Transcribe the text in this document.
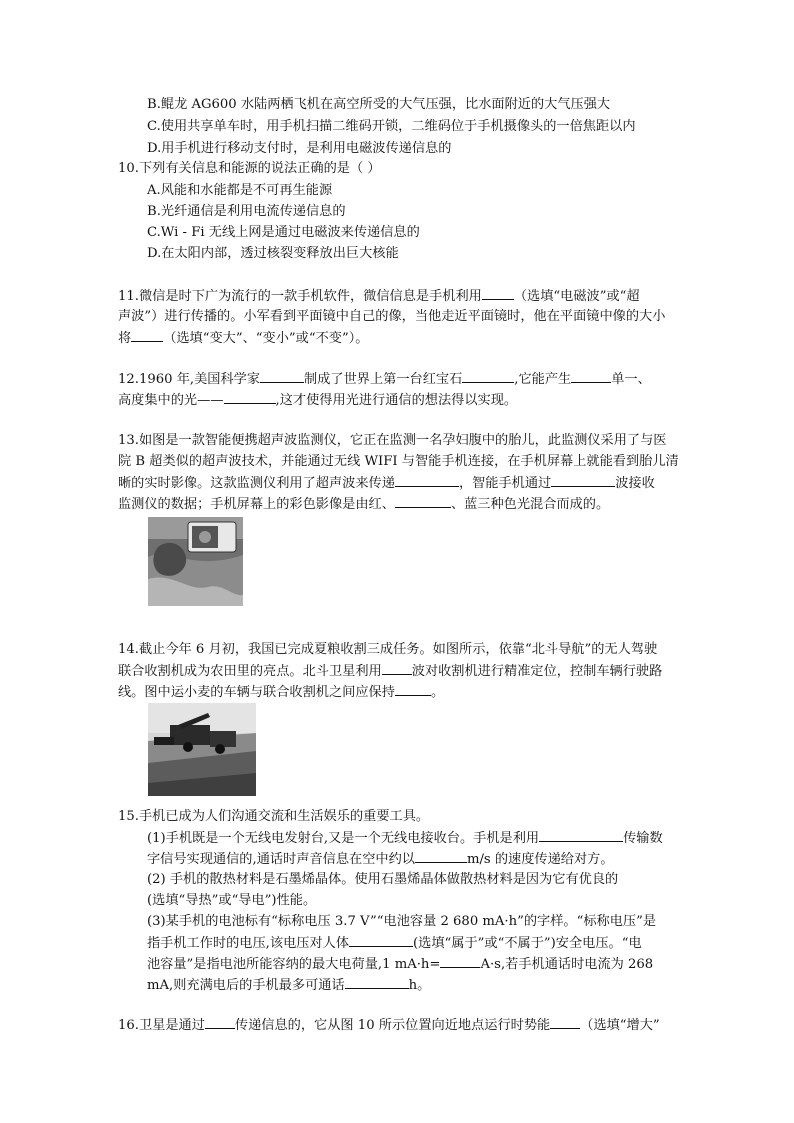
B.鲲龙 AG600 水陆两栖飞机在高空所受的大气压强，比水面附近的大气压强大
C.使用共享单车时，用手机扫描二维码开锁，二维码位于手机摄像头的一倍焦距以内
D.用手机进行移动支付时，是利用电磁波传递信息的
10.下列有关信息和能源的说法正确的是（ ）
A.风能和水能都是不可再生能源
B.光纤通信是利用电流传递信息的
C.Wi - Fi 无线上网是通过电磁波来传递信息的
D.在太阳内部，透过核裂变释放出巨大核能
11.微信是时下广为流行的一款手机软件，微信信息是手机利用 （选填“电磁波”或“超
声波”）进行传播的。小军看到平面镜中自己的像，当他走近平面镜时，他在平面镜中像的大小
将 （选填“变大”、“变小”或“不变”）。
12.1960 年,美国科学家	制成了世界上第一台红宝石	,它能产生	单一、
高度集中的光——	,这才使得用光进行通信的想法得以实现。
13.如图是一款智能便携超声波监测仪，它正在监测一名孕妇腹中的胎儿，此监测仪采用了与医
院 B 超类似的超声波技术，并能通过无线 WIFI 与智能手机连接，在手机屏幕上就能看到胎儿清
晰的实时影像。这款监测仪利用了超声波来传递	，智能手机通过	波接收
监测仪的数据；手机屏幕上的彩色影像是由红、	、蓝三种色光混合而成的。
14.截止今年 6 月初，我国已完成夏粮收割三成任务。如图所示，依靠“北斗导航”的无人驾驶
联合收割机成为农田里的亮点。北斗卫星利用 波对收割机进行精准定位，控制车辆行驶路
线。图中运小麦的车辆与联合收割机之间应保持	。
15.手机已成为人们沟通交流和生活娱乐的重要工具。
(1)手机既是一个无线电发射台,又是一个无线电接收台。手机是利用	传输数
字信号实现通信的,通话时声音信息在空中约以	m/s 的速度传递给对方。
(2) 手机的散热材料是石墨烯晶体。使用石墨烯晶体做散热材料是因为它有优良的
(选填“导热”或“导电”)性能。
(3)某手机的电池标有“标称电压 3.7 V”“电池容量 2 680 mA·h”的字样。“标称电压”是
指手机工作时的电压,该电压对人体	(选填“属于”或“不属于”)安全电压。“电
池容量”是指电池所能容纳的最大电荷量,1 mA·h=	A·s,若手机通话时电流为 268
mA,则充满电后的手机最多可通话	h。
16.卫星是通过 传递信息的，它从图 10 所示位置向近地点运行时势能 （选填“增大”
